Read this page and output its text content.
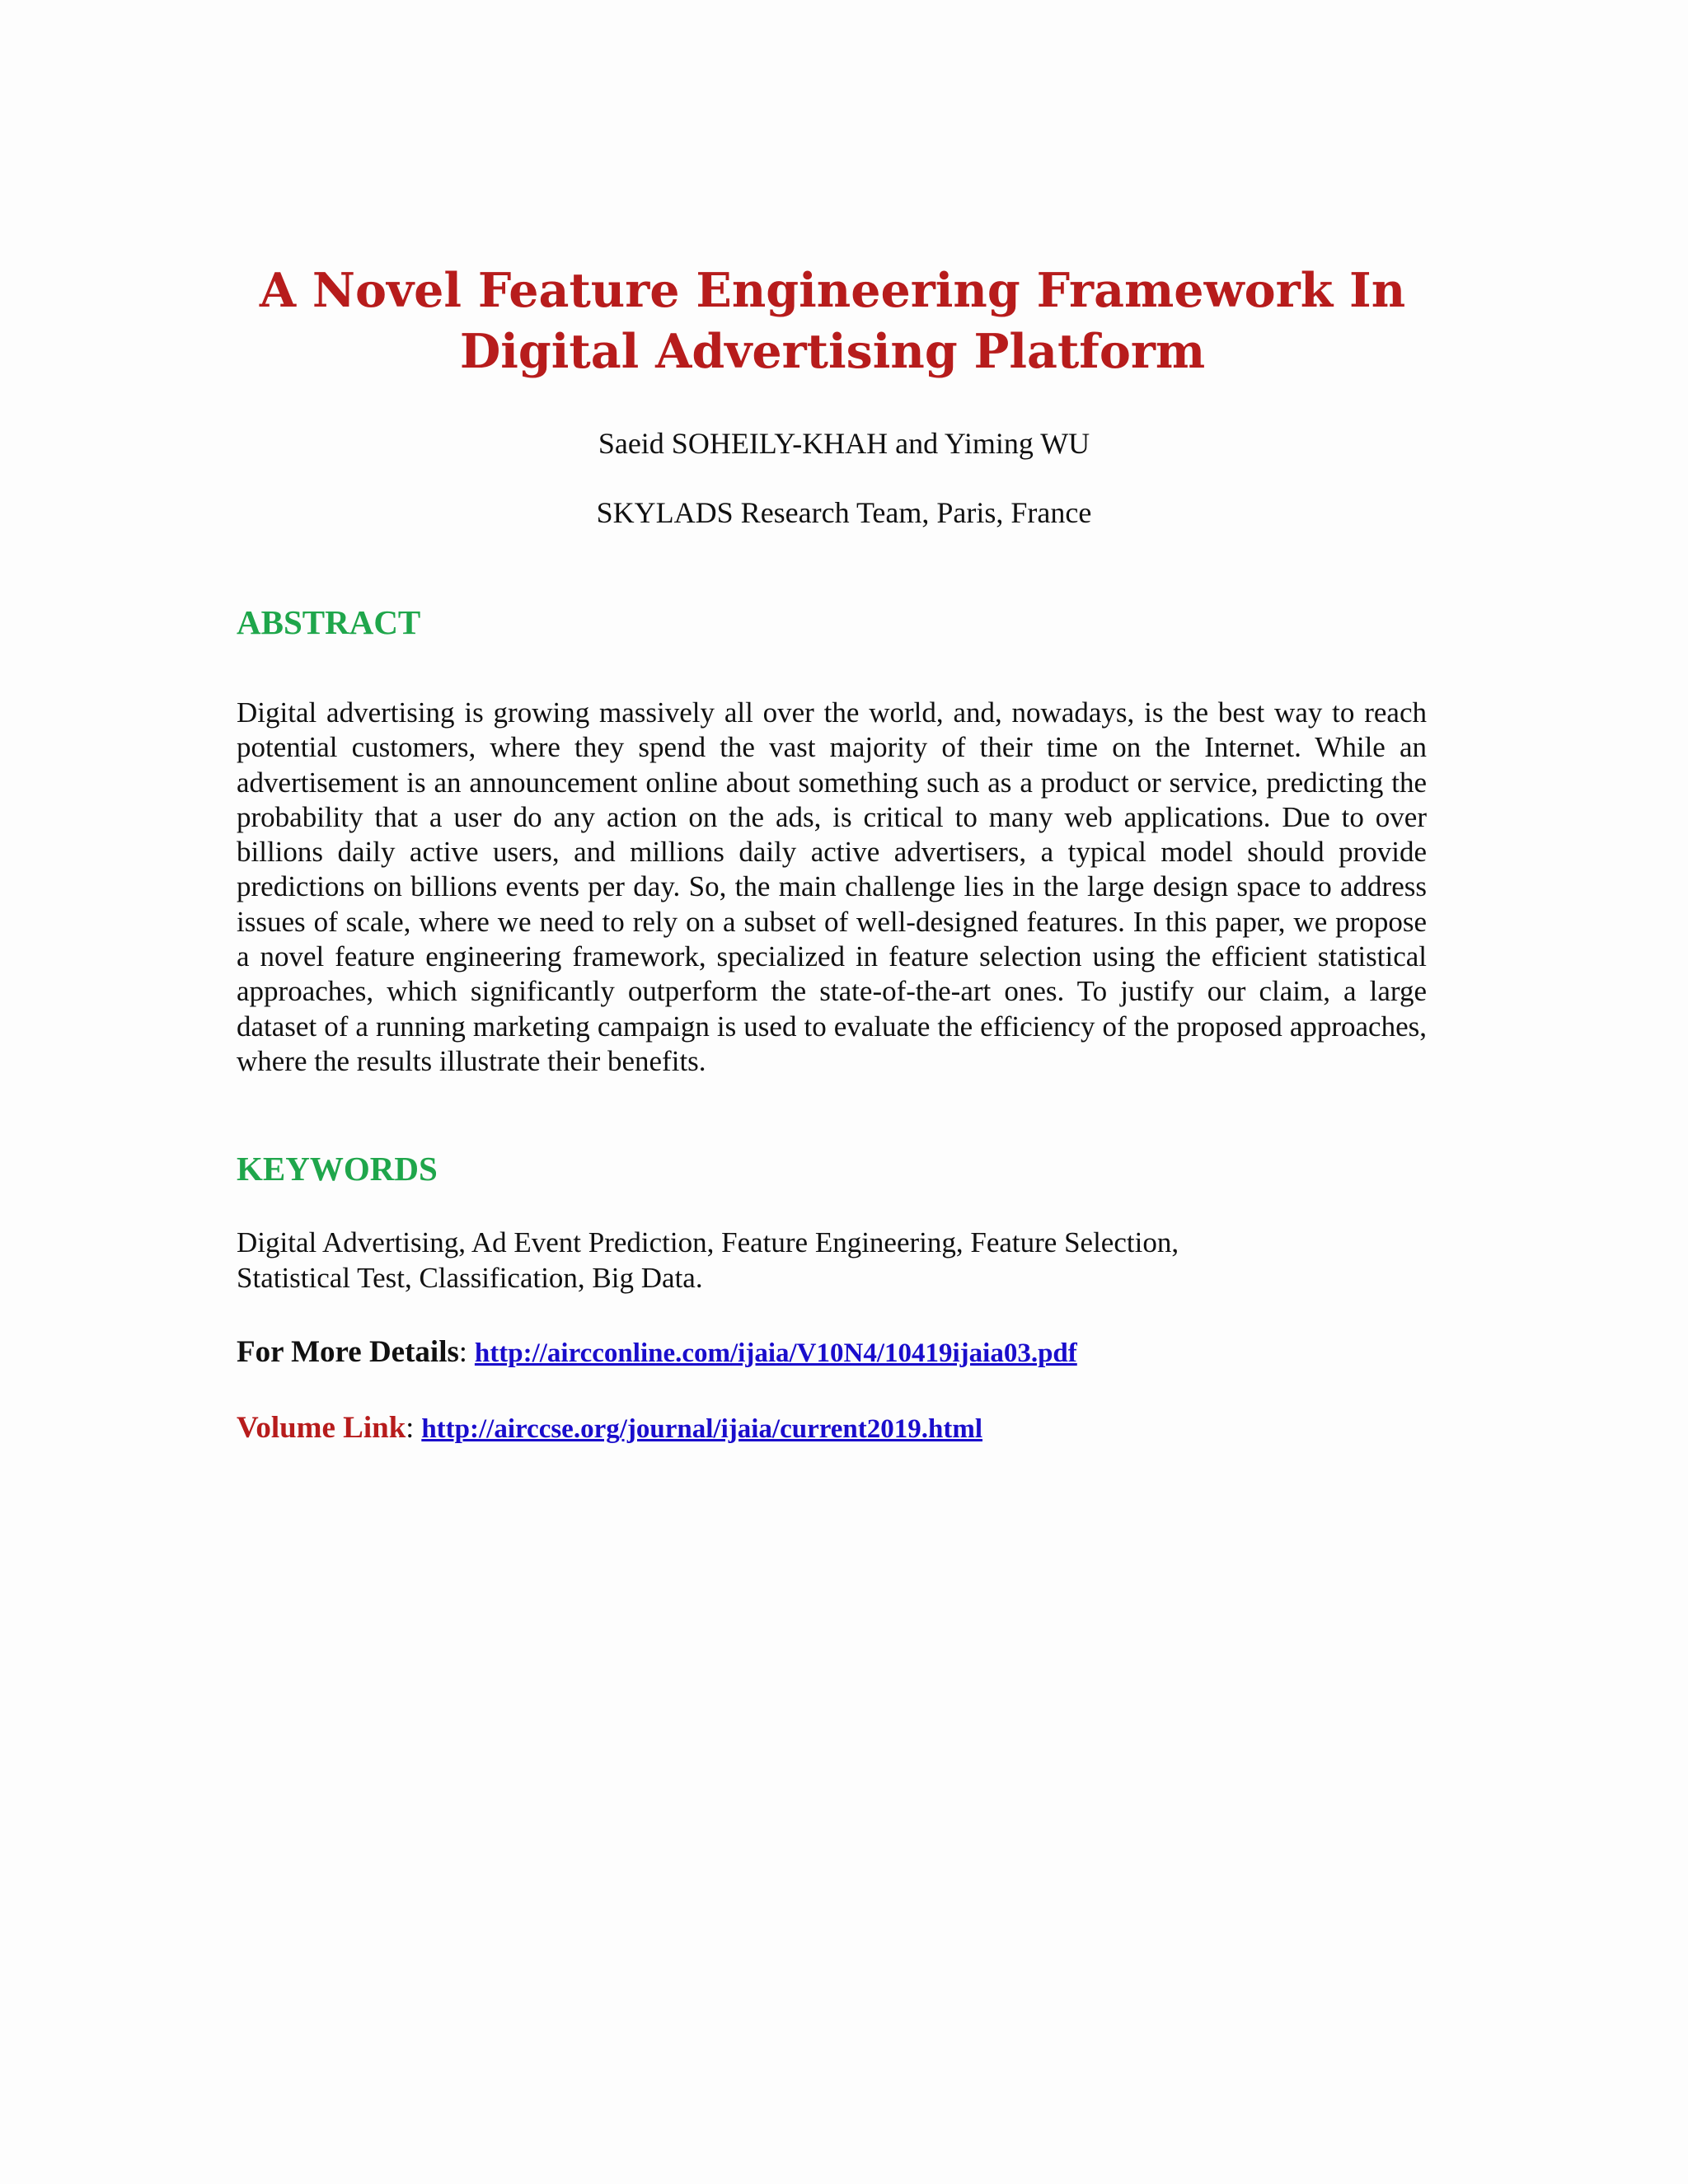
A Novel Feature Engineering Framework In
Digital Advertising Platform

Saeid SOHEILY-KHAH and Yiming WU

SKYLADS Research Team, Paris, France

ABSTRACT

Digital advertising is growing massively all over the world, and, nowadays, is the best way to reach potential customers, where they spend the vast majority of their time on the Internet. While an advertisement is an announcement online about something such as a product or service, predicting the probability that a user do any action on the ads, is critical to many web applications. Due to over billions daily active users, and millions daily active advertisers, a typical model should provide predictions on billions events per day. So, the main challenge lies in the large design space to address issues of scale, where we need to rely on a subset of well-designed features. In this paper, we propose a novel feature engineering framework, specialized in feature selection using the efficient statistical approaches, which significantly outperform the state-of-the-art ones. To justify our claim, a large dataset of a running marketing campaign is used to evaluate the efficiency of the proposed approaches, where the results illustrate their benefits.

KEYWORDS

Digital Advertising, Ad Event Prediction, Feature Engineering, Feature Selection,
Statistical Test, Classification, Big Data.

For More Details: http://aircconline.com/ijaia/V10N4/10419ijaia03.pdf

Volume Link: http://airccse.org/journal/ijaia/current2019.html
